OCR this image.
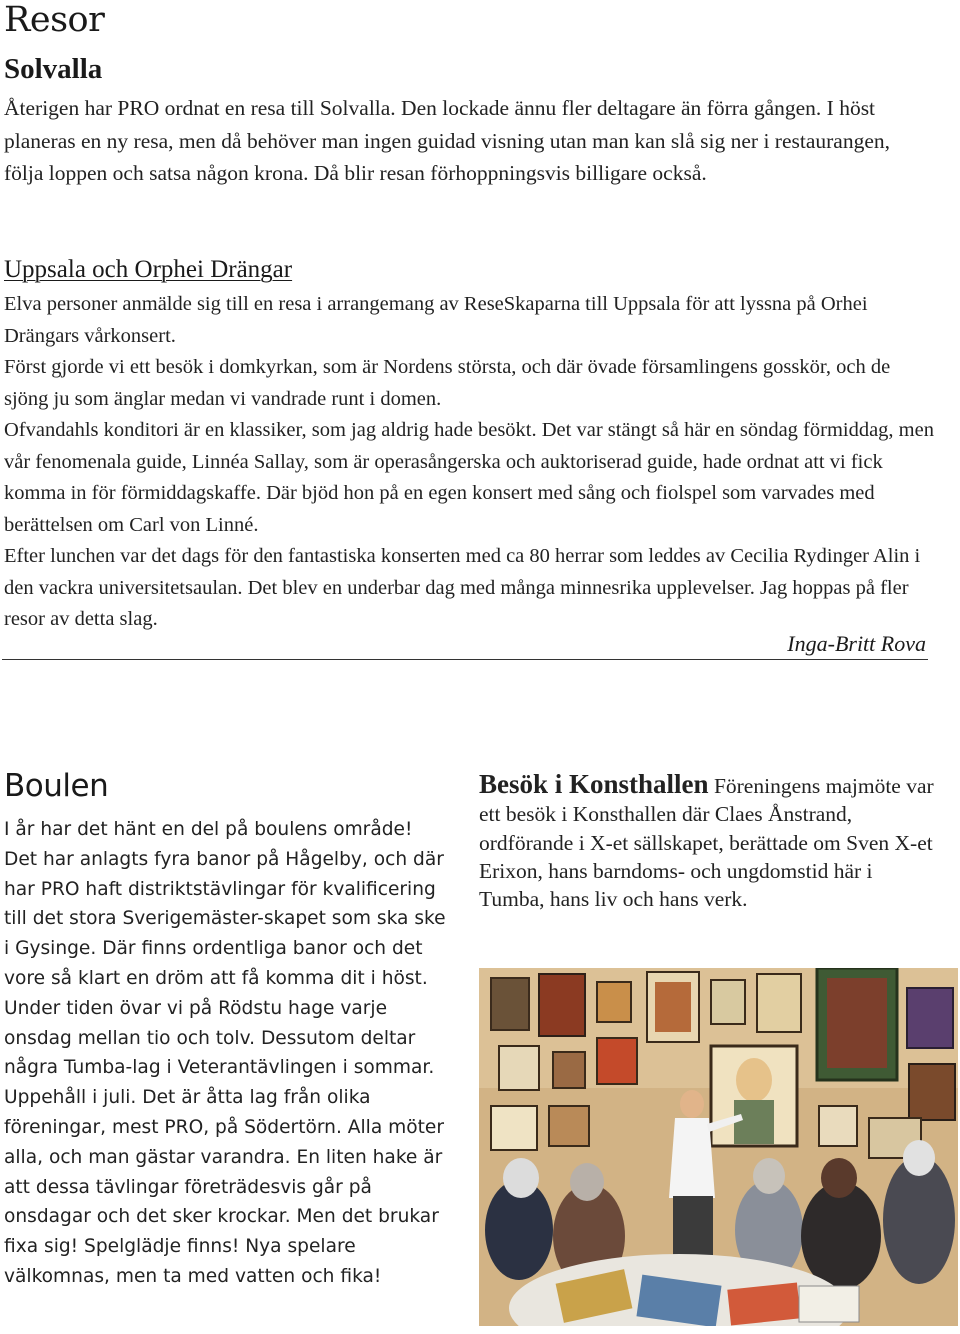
Resor
Solvalla
Återigen har PRO ordnat en resa till Solvalla. Den lockade ännu fler deltagare än förra gången. I höst planeras en ny resa, men då behöver man ingen guidad visning utan man kan slå sig ner i restaurangen, följa loppen och satsa någon krona. Då blir resan förhoppningsvis billigare också.
Uppsala och Orphei Drängar

Elva personer anmälde sig till en resa i arrangemang av ReseSkaparna till Uppsala för att lyssna på Orhei Drängars vårkonsert.

Först gjorde vi ett besök i domkyrkan, som är Nordens största, och där övade församlingens gosskör, och de sjöng ju som änglar medan vi vandrade runt i domen.

Ofvandahls konditori är en klassiker, som jag aldrig hade besökt. Det var stängt så här en söndag förmiddag, men vår fenomenala guide, Linnéa Sallay, som är operasångerska och auktoriserad guide, hade ordnat att vi fick komma in för förmiddagskaffe. Där bjöd hon på en egen konsert med sång och fiolspel som varvades med berättelsen om Carl von Linné.

Efter lunchen var det dags för den fantastiska konserten med ca 80 herrar som leddes av Cecilia Rydinger Alin i den vackra universitetsaulan. Det blev en underbar dag med många minnesrika upplevelser. Jag hoppas på fler resor av detta slag.

Inga-Britt Rova
Boulen
I år har det hänt en del på boulens område! Det har anlagts fyra banor på Hågelby, och där har PRO haft distriktstävlingar för kvalificering till det stora Sverigemäster-skapet som ska ske i Gysinge. Där finns ordentliga banor och det vore så klart en dröm att få komma dit i höst. Under tiden övar vi på Rödstu hage varje onsdag mellan tio och tolv. Dessutom deltar några Tumba-lag i Veterantävlingen i sommar. Uppehåll i juli. Det är åtta lag från olika föreningar, mest PRO, på Södertörn. Alla möter alla, och man gästar varandra. En liten hake är att dessa tävlingar företrädesvis går på onsdagar och det sker krockar. Men det brukar fixa sig! Spelglädje finns! Nya spelare välkomnas, men ta med vatten och fika!
Besök i Konsthallen Föreningens majmöte var ett besök i Konsthallen där Claes Ånstrand, ordförande i X-et sällskapet, berättade om Sven X-et Erixon, hans barndoms- och ungdomstid här i Tumba, hans liv och hans verk.
